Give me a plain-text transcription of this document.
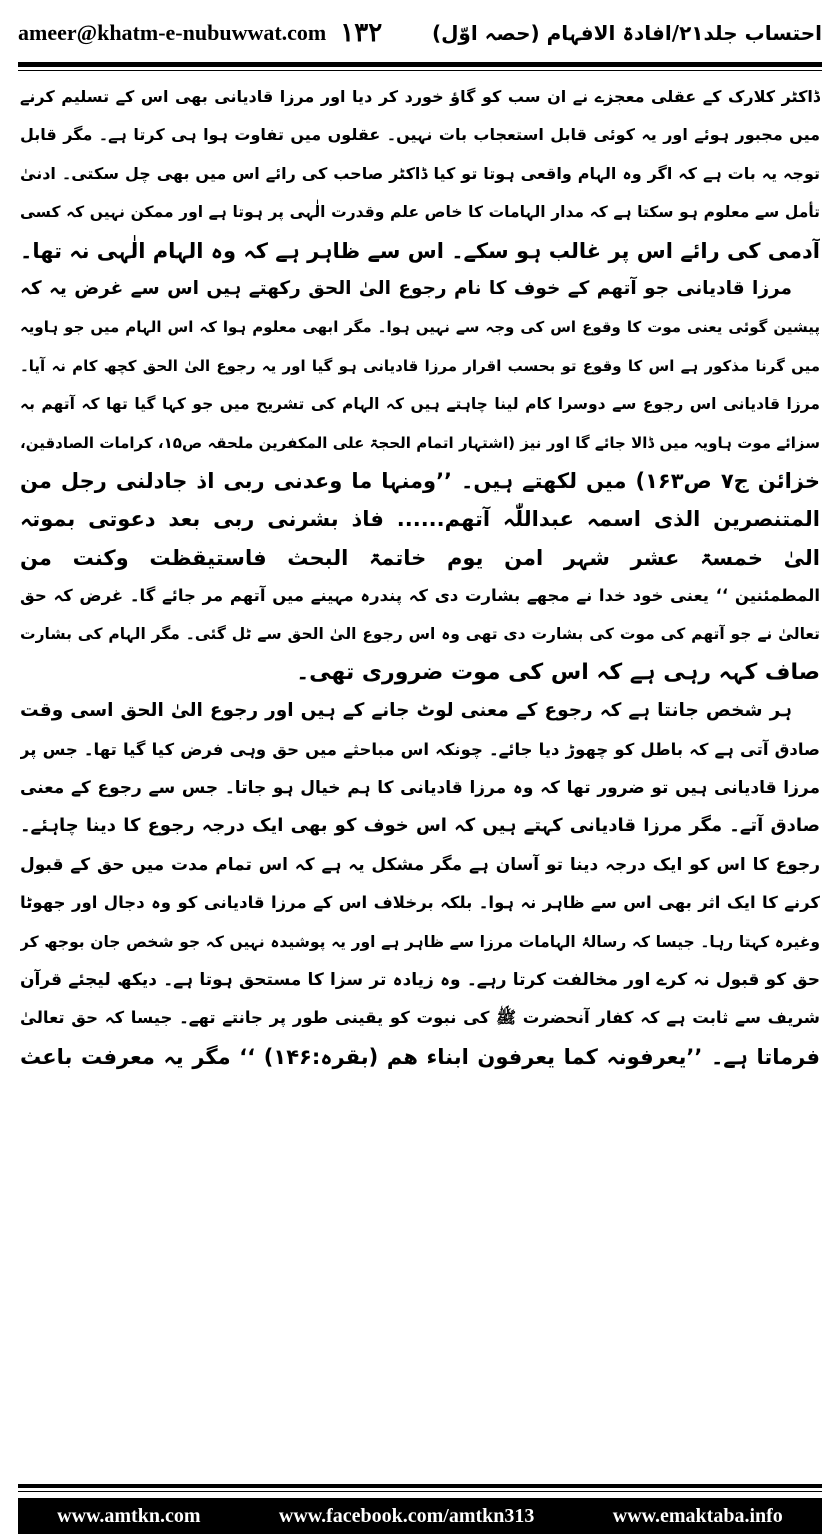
ameer@khatm-e-nubuwwat.com ۱۳۲ احتساب جلد۲۱/افادۃ الافہام (حصہ اوّل)
ڈاکٹر کلارک کے عقلی معجزے نے ان سب کو گاؤ خورد کر دیا اور مرزا قادیانی بھی اس کے تسلیم کرنے
میں مجبور ہوئے اور یہ کوئی قابل استعجاب بات نہیں۔ عقلوں میں تفاوت ہوا ہی کرتا ہے۔ مگر قابل
توجہ یہ بات ہے کہ اگر وہ الہام واقعی ہوتا تو کیا ڈاکٹر صاحب کی رائے اس میں بھی چل سکتی۔ ادنیٰ
تأمل سے معلوم ہو سکتا ہے کہ مدار الہامات کا خاص علم وقدرت الٰہی پر ہوتا ہے اور ممکن نہیں کہ کسی
آدمی کی رائے اس پر غالب ہو سکے۔ اس سے ظاہر ہے کہ وہ الہام الٰہی نہ تھا۔
مرزا قادیانی جو آتھم کے خوف کا نام رجوع الیٰ الحق رکھتے ہیں اس سے غرض یہ کہ
پیشین گوئی یعنی موت کا وقوع اس کی وجہ سے نہیں ہوا۔ مگر ابھی معلوم ہوا کہ اس الہام میں جو ہاویہ
میں گرنا مذکور ہے اس کا وقوع تو بحسب اقرار مرزا قادیانی ہو گیا اور یہ رجوع الیٰ الحق کچھ کام نہ آیا۔
مرزا قادیانی اس رجوع سے دوسرا کام لینا چاہتے ہیں کہ الہام کی تشریح میں جو کہا گیا تھا کہ آتھم بہ
سزائے موت ہاویہ میں ڈالا جائے گا اور نیز (اشتہار اتمام الحجۃ علی المکفرین ملحقہ ص۱۵، کرامات الصادقین،
خزائن ج۷ ص۱۶۳) میں لکھتے ہیں۔ ’’ومنہا ما وعدنی ربی اذ جادلنی رجل من
المتنصرین الذی اسمہ عبداللّٰہ آتھم...... فاذ بشرنی ربی بعد دعوتی بموتہ
الیٰ خمسۃ عشر شہر امن یوم خاتمۃ البحث فاستیقظت وکنت من
المطمئنین ‘‘ یعنی خود خدا نے مجھے بشارت دی کہ پندرہ مہینے میں آتھم مر جائے گا۔ غرض کہ حق
تعالیٰ نے جو آتھم کی موت کی بشارت دی تھی وہ اس رجوع الیٰ الحق سے ٹل گئی۔ مگر الہام کی بشارت
صاف کہہ رہی ہے کہ اس کی موت ضروری تھی۔
ہر شخص جانتا ہے کہ رجوع کے معنی لوٹ جانے کے ہیں اور رجوع الیٰ الحق اسی وقت
صادق آتی ہے کہ باطل کو چھوڑ دیا جائے۔ چونکہ اس مباحثے میں حق وہی فرض کیا گیا تھا۔ جس پر
مرزا قادیانی ہیں تو ضرور تھا کہ وہ مرزا قادیانی کا ہم خیال ہو جاتا۔ جس سے رجوع کے معنی
صادق آتے۔ مگر مرزا قادیانی کہتے ہیں کہ اس خوف کو بھی ایک درجہ رجوع کا دینا چاہئے۔
رجوع کا اس کو ایک درجہ دینا تو آسان ہے مگر مشکل یہ ہے کہ اس تمام مدت میں حق کے قبول
کرنے کا ایک اثر بھی اس سے ظاہر نہ ہوا۔ بلکہ برخلاف اس کے مرزا قادیانی کو وہ دجال اور جھوٹا
وغیرہ کہتا رہا۔ جیسا کہ رسالۂ الہامات مرزا سے ظاہر ہے اور یہ پوشیدہ نہیں کہ جو شخص جان بوجھ کر
حق کو قبول نہ کرے اور مخالفت کرتا رہے۔ وہ زیادہ تر سزا کا مستحق ہوتا ہے۔ دیکھ لیجئے قرآن
شریف سے ثابت ہے کہ کفار آنحضرت ﷺ کی نبوت کو یقینی طور پر جانتے تھے۔ جیسا کہ حق تعالیٰ
فرماتا ہے۔ ’’یعرفونہ کما یعرفون ابناء ھم (بقرہ:۱۴۶) ‘‘ مگر یہ معرفت باعث
www.amtkn.com	www.facebook.com/amtkn313	www.emaktaba.info
